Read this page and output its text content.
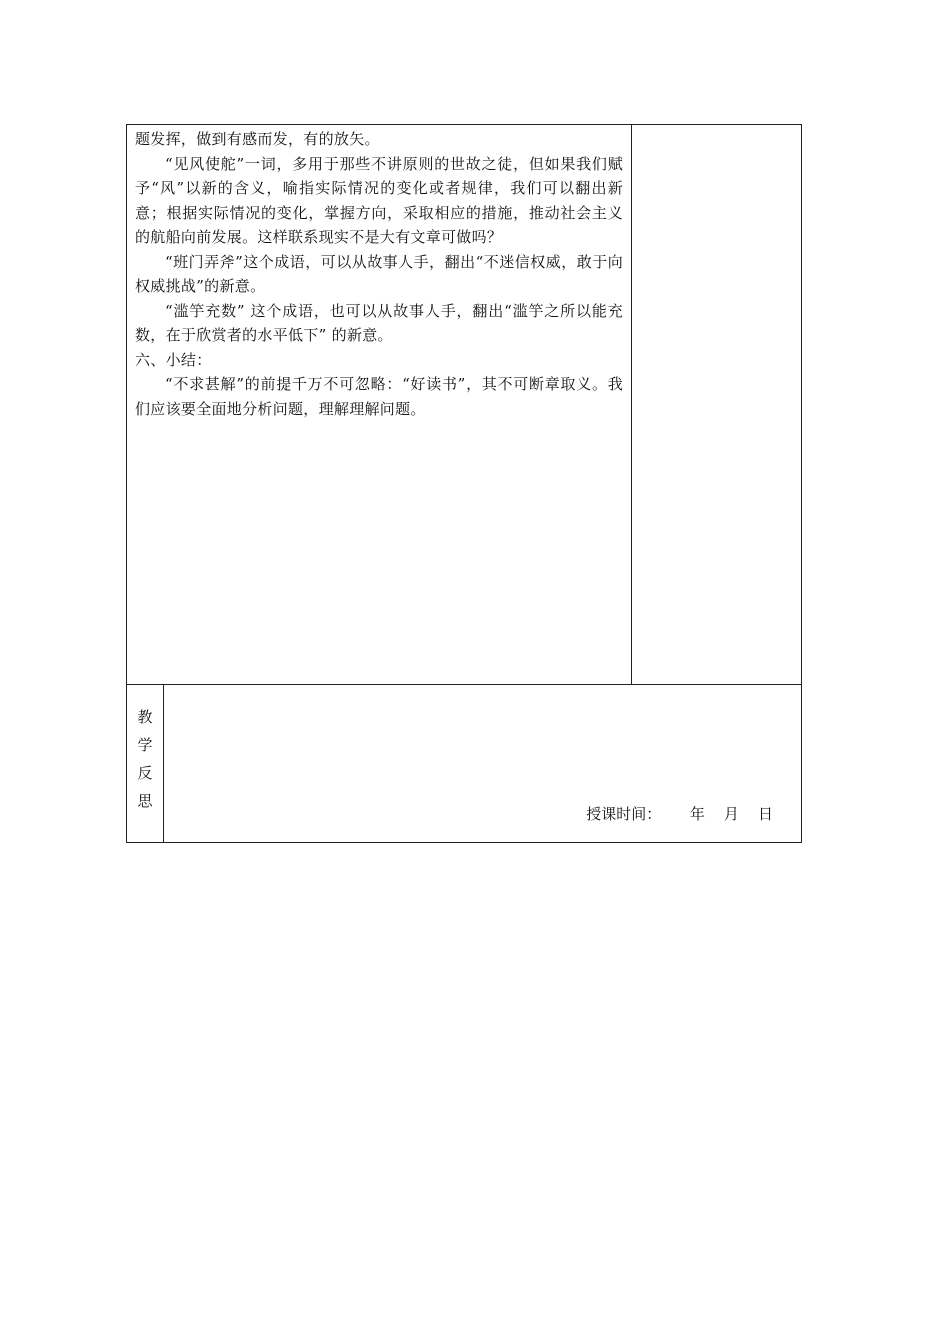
题发挥，做到有感而发，有的放矢。

“见风使舵”一词，多用于那些不讲原则的世故之徒，但如果我们赋予“风”以新的含义，喻指实际情况的变化或者规律，我们可以翻出新意；根据实际情况的变化，掌握方向，采取相应的措施，推动社会主义的航船向前发展。这样联系现实不是大有文章可做吗？

“班门弄斧”这个成语，可以从故事人手，翻出“不迷信权威，敢于向权威挑战”的新意。

“滥竽充数” 这个成语，也可以从故事人手，翻出“滥竽之所以能充数，在于欣赏者的水平低下” 的新意。

六、小结：

“不求甚解”的前提千万不可忽略：“好读书”，其不可断章取义。我们应该要全面地分析问题，理解理解问题。

教
学
反
思
授课时间：      年    月    日
